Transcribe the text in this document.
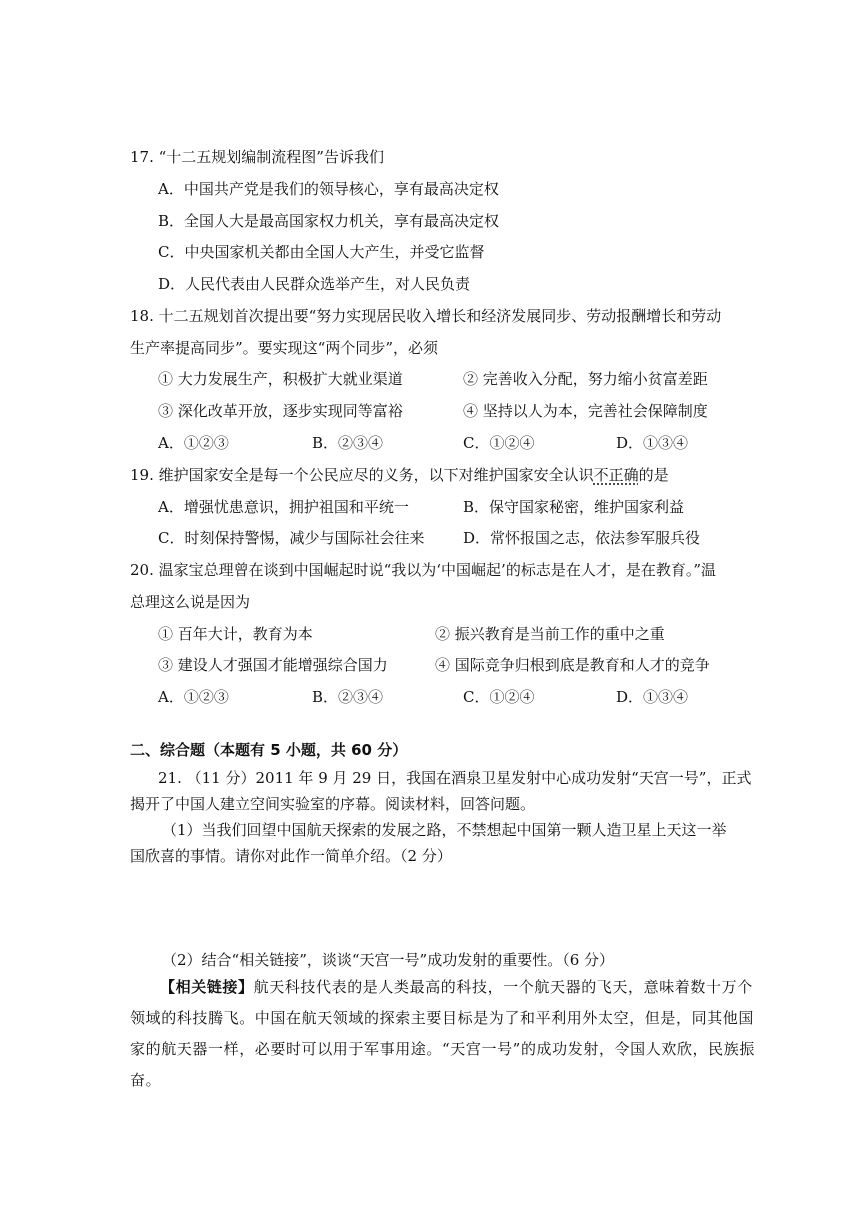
17. “十二五规划编制流程图”告诉我们
A．中国共产党是我们的领导核心，享有最高决定权
B．全国人大是最高国家权力机关，享有最高决定权
C．中央国家机关都由全国人大产生，并受它监督
D．人民代表由人民群众选举产生，对人民负责
18. 十二五规划首次提出要“努力实现居民收入增长和经济发展同步、劳动报酬增长和劳动
生产率提高同步”。要实现这“两个同步”，必须
① 大力发展生产，积极扩大就业渠道	② 完善收入分配，努力缩小贫富差距
③ 深化改革开放，逐步实现同等富裕	④ 坚持以人为本，完善社会保障制度
A．①②③	B．②③④	C．①②④	D．①③④
19. 维护国家安全是每一个公民应尽的义务，以下对维护国家安全认识不正确的是
A．增强忧患意识，拥护祖国和平统一	B．保守国家秘密，维护国家利益
C．时刻保持警惕，减少与国际社会往来	D．常怀报国之志，依法参军服兵役
20. 温家宝总理曾在谈到中国崛起时说“我以为‘中国崛起’的标志是在人才，是在教育。”温
总理这么说是因为
① 百年大计，教育为本	② 振兴教育是当前工作的重中之重
③ 建设人才强国才能增强综合国力	④ 国际竞争归根到底是教育和人才的竞争
A．①②③	B．②③④	C．①②④	D．①③④
二、综合题（本题有 5 小题，共 60 分）
21. （11 分）2011 年 9 月 29 日，我国在酒泉卫星发射中心成功发射“天宫一号”，正式
揭开了中国人建立空间实验室的序幕。阅读材料，回答问题。
（1）当我们回望中国航天探索的发展之路，不禁想起中国第一颗人造卫星上天这一举
国欣喜的事情。请你对此作一简单介绍。（2 分）
（2）结合“相关链接”，谈谈“天宫一号”成功发射的重要性。（6 分）
【相关链接】航天科技代表的是人类最高的科技，一个航天器的飞天，意味着数十万个
领域的科技腾飞。中国在航天领域的探索主要目标是为了和平利用外太空，但是，同其他国
家的航天器一样，必要时可以用于军事用途。“天宫一号”的成功发射，令国人欢欣，民族振
奋。
